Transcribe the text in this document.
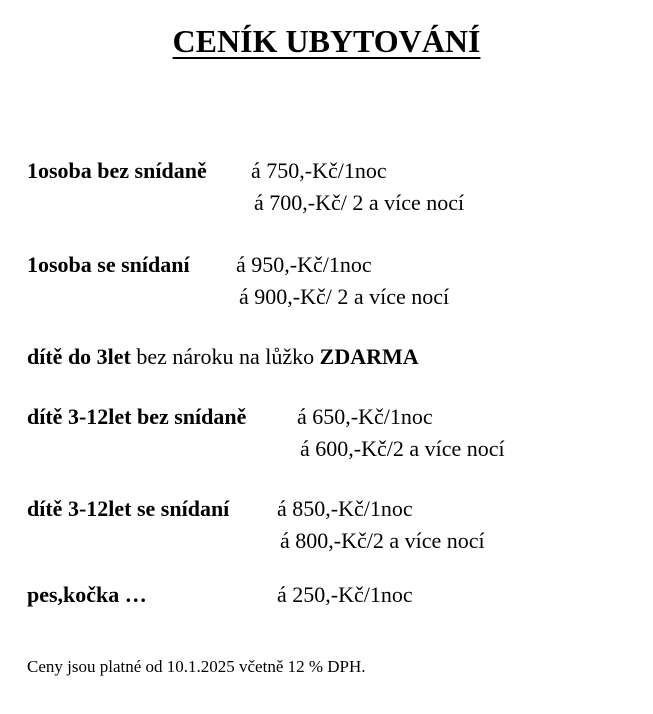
CENÍK UBYTOVÁNÍ
1osoba bez snídaně á 750,-Kč/1noc
á 700,-Kč/ 2 a více nocí
1osoba se snídaní á 950,-Kč/1noc
á 900,-Kč/ 2 a více nocí
dítě do 3let bez nároku na lůžko ZDARMA
dítě 3-12let bez snídaně á 650,-Kč/1noc
á 600,-Kč/2 a více nocí
dítě 3-12let se snídaní á 850,-Kč/1noc
á 800,-Kč/2 a více nocí
pes,kočka …	á 250,-Kč/1noc
Ceny jsou platné od 10.1.2025 včetně 12 % DPH.
